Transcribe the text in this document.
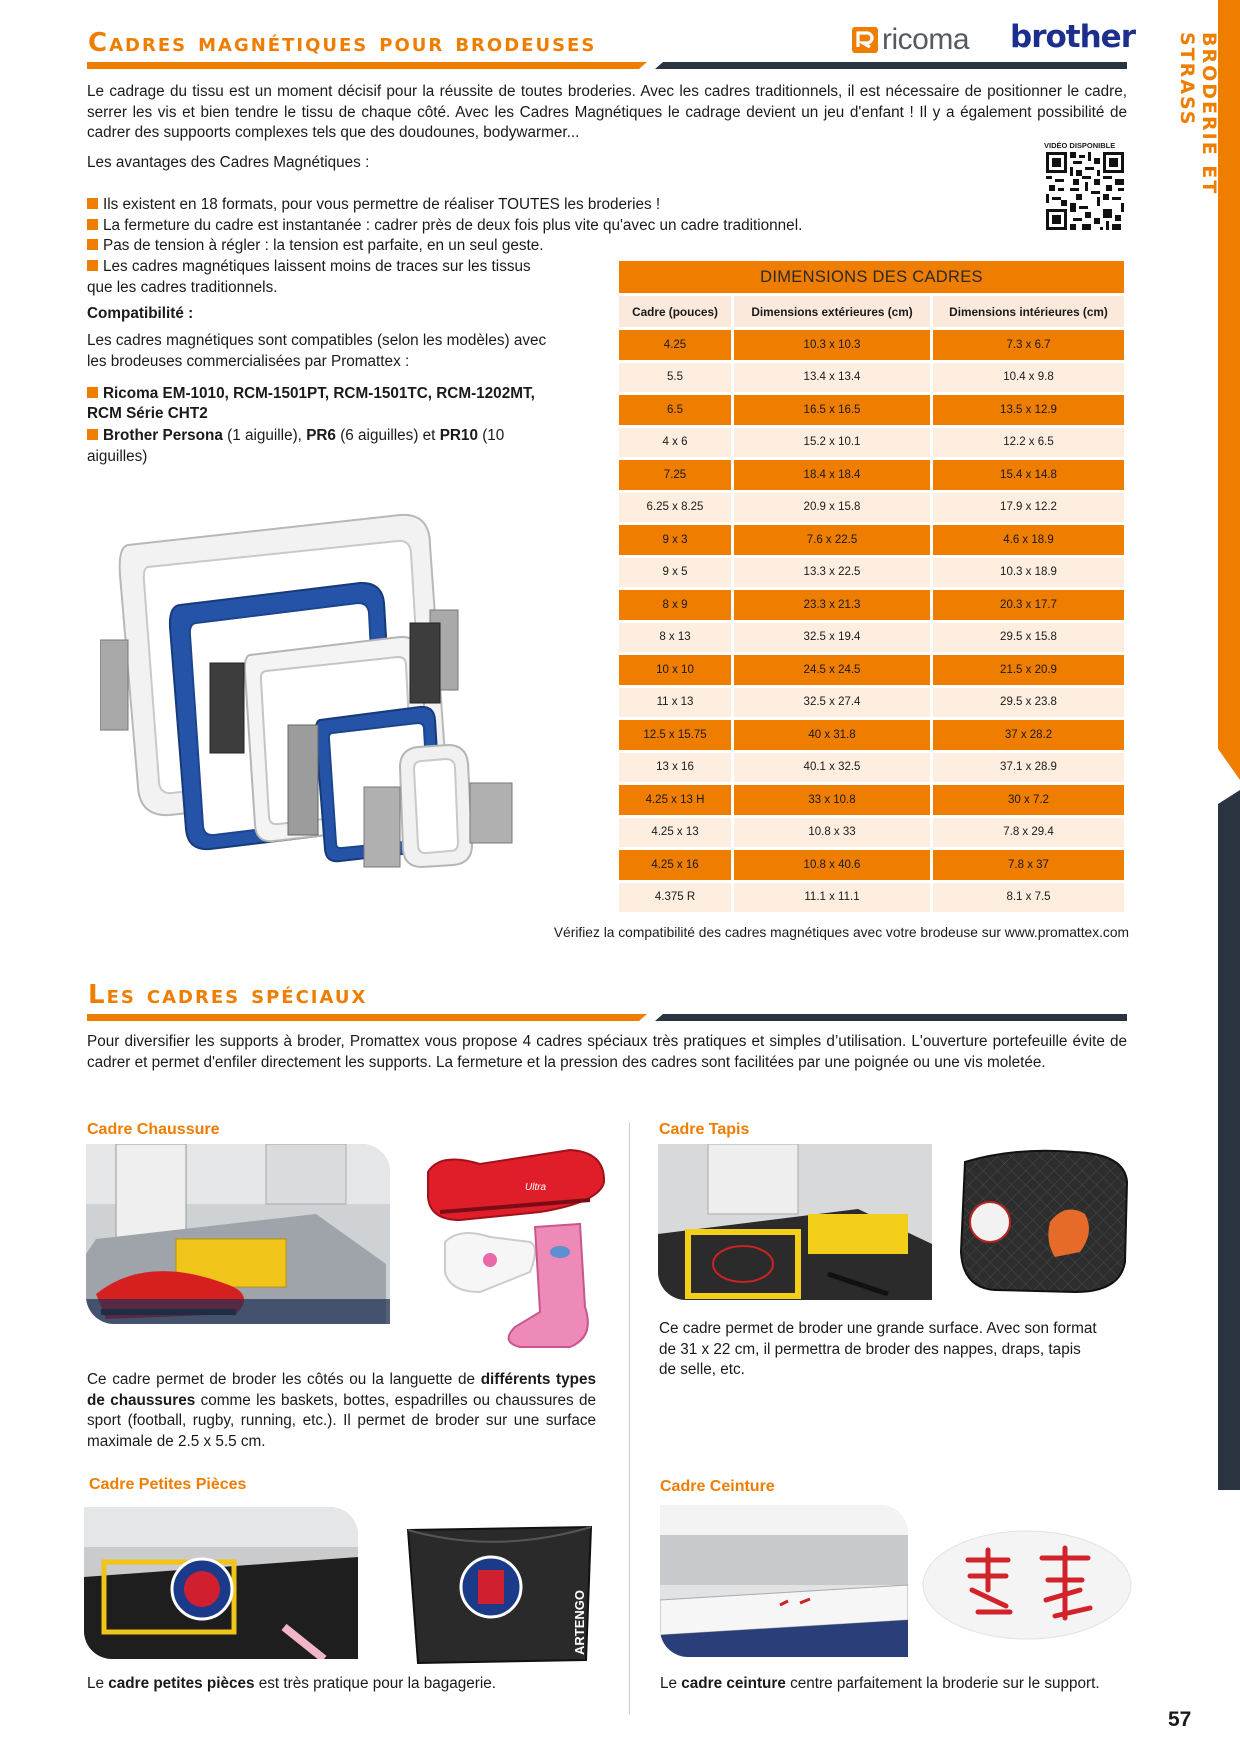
BRODERIE ET STRASS
Cadres magnétiques pour brodeuses	ricoma brother
Le cadrage du tissu est un moment décisif pour la réussite de toutes broderies. Avec les cadres traditionnels, il est nécessaire de positionner le cadre, serrer les vis et bien tendre le tissu de chaque côté. Avec les Cadres Magnétiques le cadrage devient un jeu d'enfant ! Il y a également possibilité de cadrer des suppoorts complexes tels que des doudounes, bodywarmer...
Les avantages des Cadres Magnétiques :
VIDÉO DISPONIBLE
Ils existent en 18 formats, pour vous permettre de réaliser TOUTES les broderies !
La fermeture du cadre est instantanée : cadrer près de deux fois plus vite qu'avec un cadre traditionnel.
Pas de tension à régler : la tension est parfaite, en un seul geste.
Les cadres magnétiques laissent moins de traces sur les tissus
que les cadres traditionnels.
Compatibilité :
Les cadres magnétiques sont compatibles (selon les modèles) avec
les brodeuses commercialisées par Promattex :
Ricoma EM-1010, RCM-1501PT, RCM-1501TC, RCM-1202MT,
RCM Série CHT2
Brother Persona (1 aiguille), PR6 (6 aiguilles) et PR10 (10
aiguilles)
DIMENSIONS DES CADRES		
Cadre (pouces)	Dimensions extérieures (cm)	Dimensions intérieures (cm)
4.25	10.3 x 10.3	7.3 x 6.7
5.5	13.4 x 13.4	10.4 x 9.8
6.5	16.5 x 16.5	13.5 x 12.9
4 x 6	15.2 x 10.1	12.2 x 6.5
7.25	18.4 x 18.4	15.4 x 14.8
6.25 x 8.25	20.9 x 15.8	17.9 x 12.2
9 x 3	7.6 x 22.5	4.6 x 18.9
9 x 5	13.3 x 22.5	10.3 x 18.9
8 x 9	23.3 x 21.3	20.3 x 17.7
8 x 13	32.5 x 19.4	29.5 x 15.8
10 x 10	24.5 x 24.5	21.5 x 20.9
11 x 13	32.5 x 27.4	29.5 x 23.8
12.5 x 15.75	40 x 31.8	37 x 28.2
13 x 16	40.1 x 32.5	37.1 x 28.9
4.25 x 13 H	33 x 10.8	30 x 7.2
4.25 x 13	10.8 x 33	7.8 x 29.4
4.25 x 16	10.8 x 40.6	7.8 x 37
4.375 R	11.1 x 11.1	8.1 x 7.5
Vérifiez la compatibilité des cadres magnétiques avec votre brodeuse sur www.promattex.com
Les cadres spéciaux
Pour diversifier les supports à broder, Promattex vous propose 4 cadres spéciaux très pratiques et simples d’utilisation. L'ouverture portefeuille évite de cadrer et permet d'enfiler directement les supports. La fermeture et la pression des cadres sont facilitées par une poignée ou une vis moletée.
Cadre Chaussure
Ultra
Ce cadre permet de broder les côtés ou la languette de différents types de chaussures comme les baskets, bottes, espadrilles ou chaussures de sport (football, rugby, running, etc.). Il permet de broder sur une surface maximale de 2.5 x 5.5 cm.
Cadre Tapis
Ce cadre permet de broder une grande surface. Avec son format de 31 x 22 cm, il permettra de broder des nappes, draps, tapis de selle, etc.
Cadre Petites Pièces
ARTENGO
Le cadre petites pièces est très pratique pour la bagagerie.
Cadre Ceinture
Le cadre ceinture centre parfaitement la broderie sur le support.
57
